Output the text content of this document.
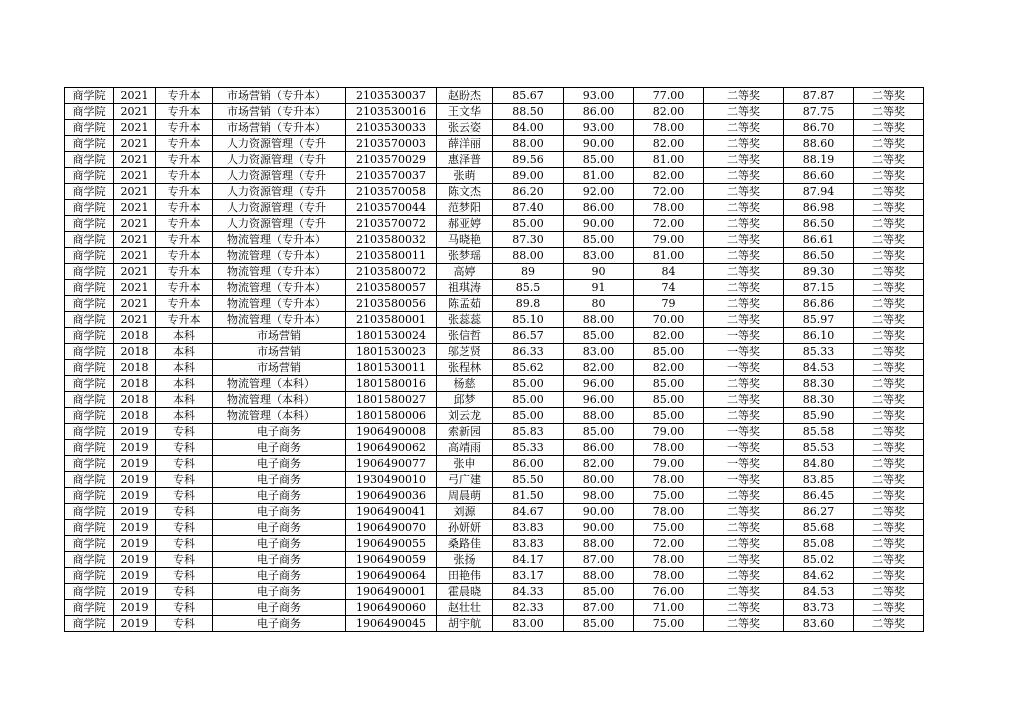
商学院	2021	专升本	市场营销（专升本）	2103530037	赵盼杰	85.67	93.00	77.00	二等奖	87.87	二等奖
商学院	2021	专升本	市场营销（专升本）	2103530016	王文华	88.50	86.00	82.00	二等奖	87.75	二等奖
商学院	2021	专升本	市场营销（专升本）	2103530033	张云姿	84.00	93.00	78.00	二等奖	86.70	二等奖
商学院	2021	专升本	人力资源管理（专升	2103570003	薛洋丽	88.00	90.00	82.00	二等奖	88.60	二等奖
商学院	2021	专升本	人力资源管理（专升	2103570029	惠泽普	89.56	85.00	81.00	二等奖	88.19	二等奖
商学院	2021	专升本	人力资源管理（专升	2103570037	张萌	89.00	81.00	82.00	二等奖	86.60	二等奖
商学院	2021	专升本	人力资源管理（专升	2103570058	陈文杰	86.20	92.00	72.00	二等奖	87.94	二等奖
商学院	2021	专升本	人力资源管理（专升	2103570044	范梦阳	87.40	86.00	78.00	二等奖	86.98	二等奖
商学院	2021	专升本	人力资源管理（专升	2103570072	郝亚婷	85.00	90.00	72.00	二等奖	86.50	二等奖
商学院	2021	专升本	物流管理（专升本）	2103580032	马晓艳	87.30	85.00	79.00	二等奖	86.61	二等奖
商学院	2021	专升本	物流管理（专升本）	2103580011	张梦瑶	88.00	83.00	81.00	二等奖	86.50	二等奖
商学院	2021	专升本	物流管理（专升本）	2103580072	高婷	89	90	84	二等奖	89.30	二等奖
商学院	2021	专升本	物流管理（专升本）	2103580057	祖琪涛	85.5	91	74	二等奖	87.15	二等奖
商学院	2021	专升本	物流管理（专升本）	2103580056	陈孟茹	89.8	80	79	二等奖	86.86	二等奖
商学院	2021	专升本	物流管理（专升本）	2103580001	张蕊蕊	85.10	88.00	70.00	二等奖	85.97	二等奖
商学院	2018	本科	市场营销	1801530024	张信哲	86.57	85.00	82.00	一等奖	86.10	二等奖
商学院	2018	本科	市场营销	1801530023	邬芝贤	86.33	83.00	85.00	一等奖	85.33	二等奖
商学院	2018	本科	市场营销	1801530011	张程林	85.62	82.00	82.00	一等奖	84.53	二等奖
商学院	2018	本科	物流管理（本科）	1801580016	杨慈	85.00	96.00	85.00	二等奖	88.30	二等奖
商学院	2018	本科	物流管理（本科）	1801580027	邱梦	85.00	96.00	85.00	二等奖	88.30	二等奖
商学院	2018	本科	物流管理（本科）	1801580006	刘云龙	85.00	88.00	85.00	二等奖	85.90	二等奖
商学院	2019	专科	电子商务	1906490008	索新园	85.83	85.00	79.00	一等奖	85.58	二等奖
商学院	2019	专科	电子商务	1906490062	高靖雨	85.33	86.00	78.00	一等奖	85.53	二等奖
商学院	2019	专科	电子商务	1906490077	张申	86.00	82.00	79.00	一等奖	84.80	二等奖
商学院	2019	专科	电子商务	1930490010	弓广建	85.50	80.00	78.00	一等奖	83.85	二等奖
商学院	2019	专科	电子商务	1906490036	周晨萌	81.50	98.00	75.00	二等奖	86.45	二等奖
商学院	2019	专科	电子商务	1906490041	刘源	84.67	90.00	78.00	二等奖	86.27	二等奖
商学院	2019	专科	电子商务	1906490070	孙妍妍	83.83	90.00	75.00	二等奖	85.68	二等奖
商学院	2019	专科	电子商务	1906490055	桑路佳	83.83	88.00	72.00	二等奖	85.08	二等奖
商学院	2019	专科	电子商务	1906490059	张扬	84.17	87.00	78.00	二等奖	85.02	二等奖
商学院	2019	专科	电子商务	1906490064	田艳伟	83.17	88.00	78.00	二等奖	84.62	二等奖
商学院	2019	专科	电子商务	1906490001	霍晨晓	84.33	85.00	76.00	二等奖	84.53	二等奖
商学院	2019	专科	电子商务	1906490060	赵壮壮	82.33	87.00	71.00	二等奖	83.73	二等奖
商学院	2019	专科	电子商务	1906490045	胡宇航	83.00	85.00	75.00	二等奖	83.60	二等奖
